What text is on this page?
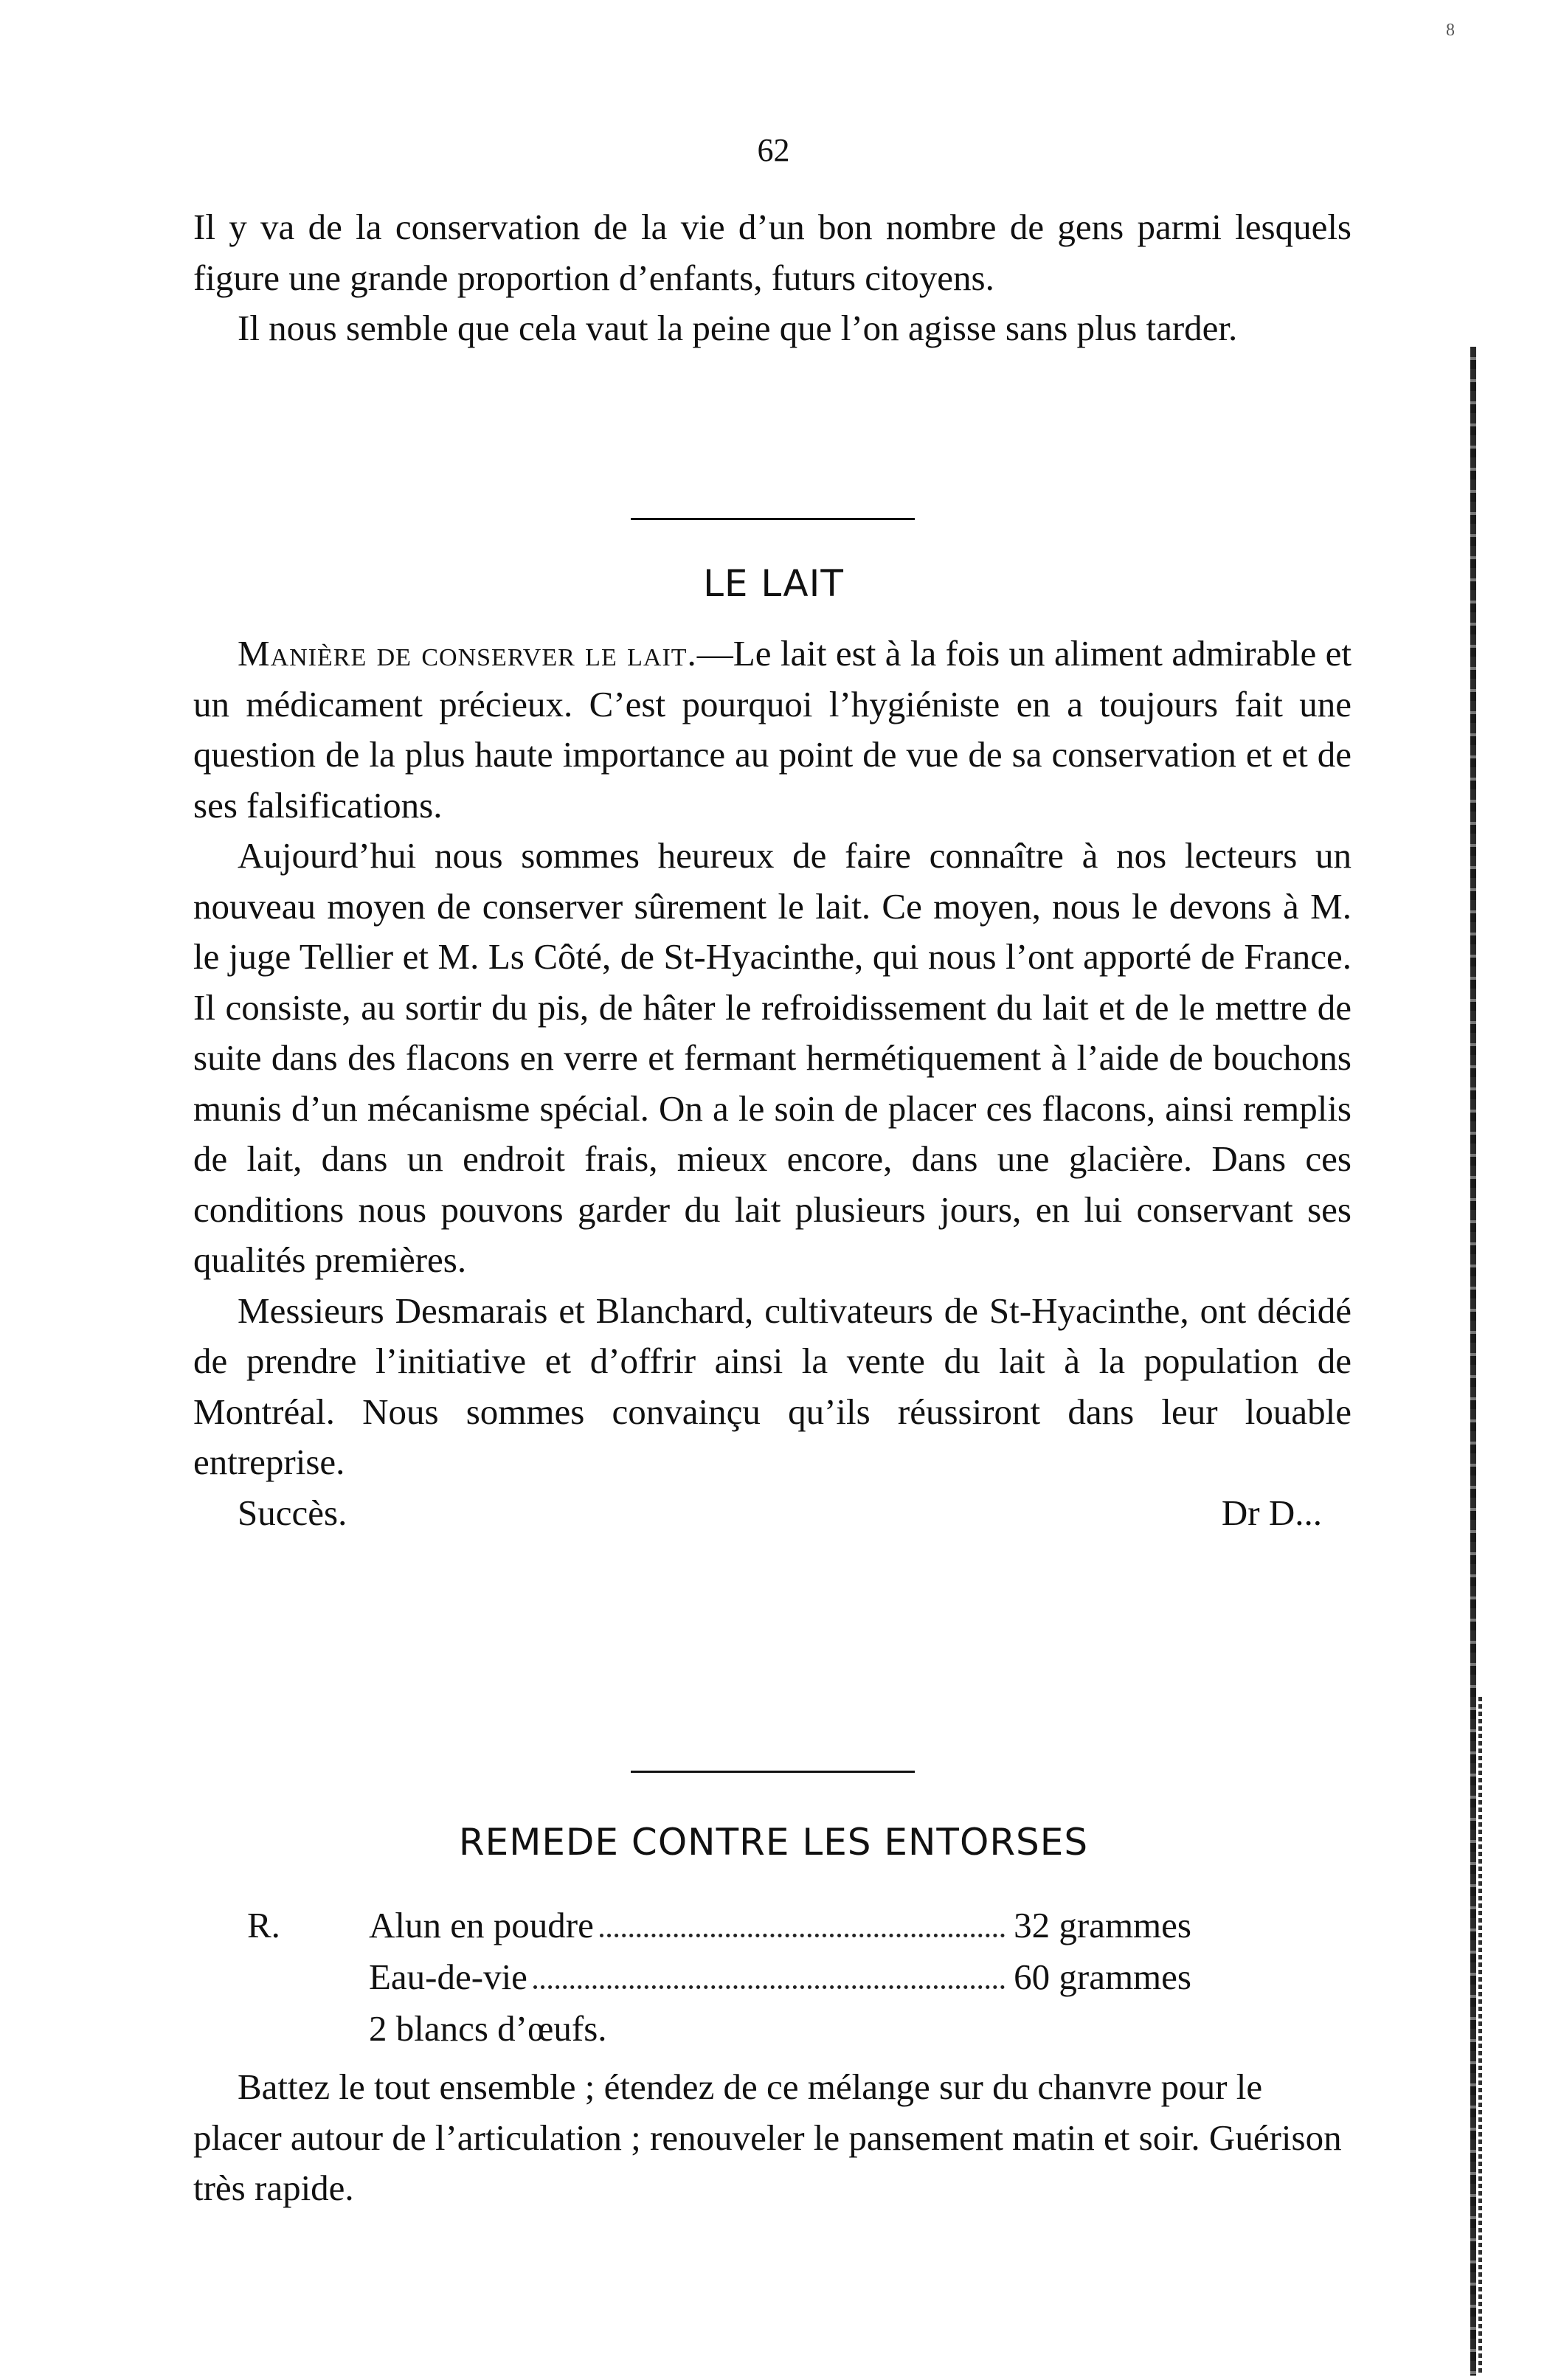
8
62

Il y va de la conservation de la vie d’un bon nombre de gens parmi lesquels figure une grande proportion d’enfants, futurs citoyens.

Il nous semble que cela vaut la peine que l’on agisse sans plus tarder.

LE LAIT

Manière de conserver le lait.—Le lait est à la fois un aliment admirable et un médicament précieux. C’est pourquoi l’hygiéniste en a toujours fait une question de la plus haute importance au point de vue de sa conservation et et de ses falsifications.

Aujourd’hui nous sommes heureux de faire connaître à nos lecteurs un nouveau moyen de conserver sûrement le lait. Ce moyen, nous le devons à M. le juge Tellier et M. Ls Côté, de St-Hyacinthe, qui nous l’ont apporté de France. Il consiste, au sortir du pis, de hâter le refroidissement du lait et de le mettre de suite dans des flacons en verre et fermant hermétiquement à l’aide de bouchons munis d’un mécanisme spécial. On a le soin de placer ces flacons, ainsi remplis de lait, dans un endroit frais, mieux encore, dans une glacière. Dans ces conditions nous pouvons garder du lait plusieurs jours, en lui conservant ses qualités premières.

Messieurs Desmarais et Blanchard, cultivateurs de St-Hyacinthe, ont décidé de prendre l’initiative et d’offrir ainsi la vente du lait à la population de Montréal. Nous sommes convainçu qu’ils réussiront dans leur louable entreprise.

Succès.	Dr D...
REMEDE CONTRE LES ENTORSES
R.	Alun en poudre	32 grammes
Eau-de-vie	60 grammes
2 blancs d’œufs.

Battez le tout ensemble ; étendez de ce mélange sur du chanvre pour le placer autour de l’articulation ; renouveler le pansement matin et soir. Guérison très rapide.
